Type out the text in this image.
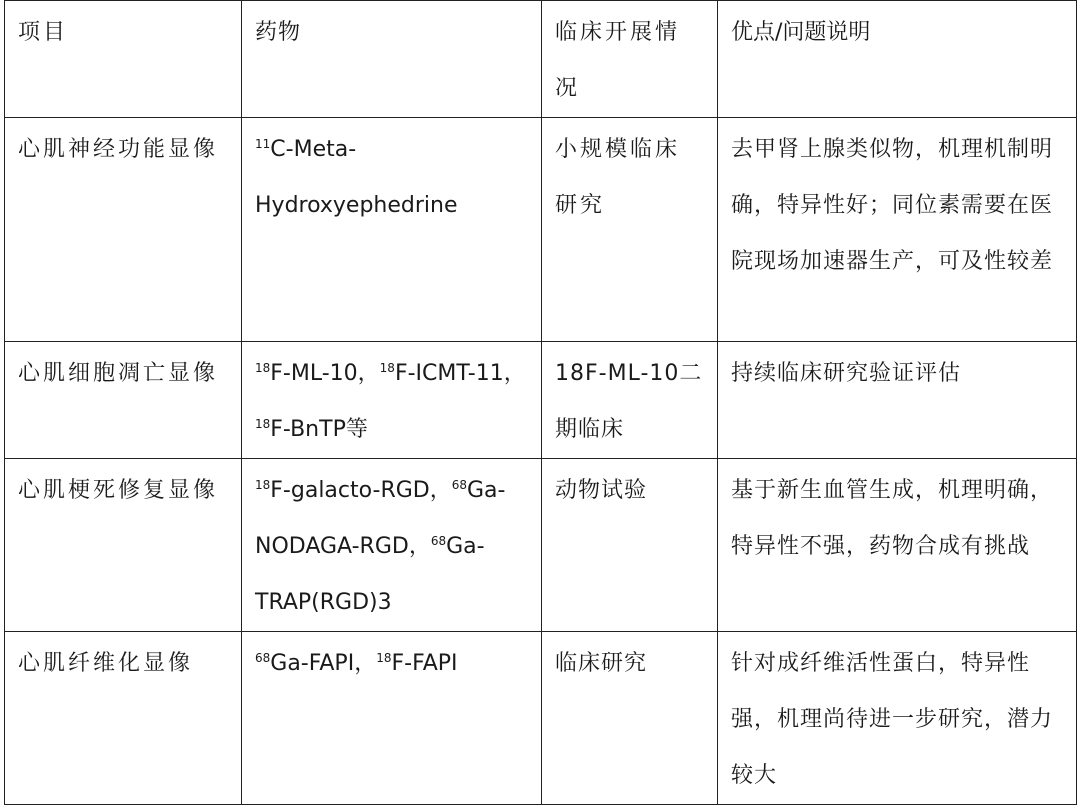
项目	药物	临床开展情况	优点/问题说明
心肌神经功能显像	$^{11}$C-Meta-Hydroxyephedrine	小规模临床研究	去甲肾上腺类似物，机理机制明确，特异性好；同位素需要在医院现场加速器生产，可及性较差
心肌细胞凋亡显像	$^{18}$F-ML-10，$^{18}$F-ICMT-11，$^{18}$F-BnTP等	18F-ML-10二期临床	持续临床研究验证评估
心肌梗死修复显像	$^{18}$F-galacto-RGD，$^{68}$Ga-NODAGA-RGD，$^{68}$Ga-TRAP(RGD)3	动物试验	基于新生血管生成，机理明确，特异性不强，药物合成有挑战
心肌纤维化显像	$^{68}$Ga-FAPI，$^{18}$F-FAPI	临床研究	针对成纤维活性蛋白，特异性强，机理尚待进一步研究，潜力较大
